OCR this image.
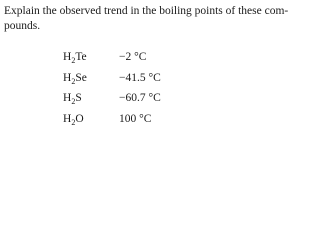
Explain the observed trend in the boiling points of these com-
pounds.

$H_2Te$	−2 °C
$H_2Se$	−41.5 °C
$H_2S$	−60.7 °C
$H_2O$	100 °C
